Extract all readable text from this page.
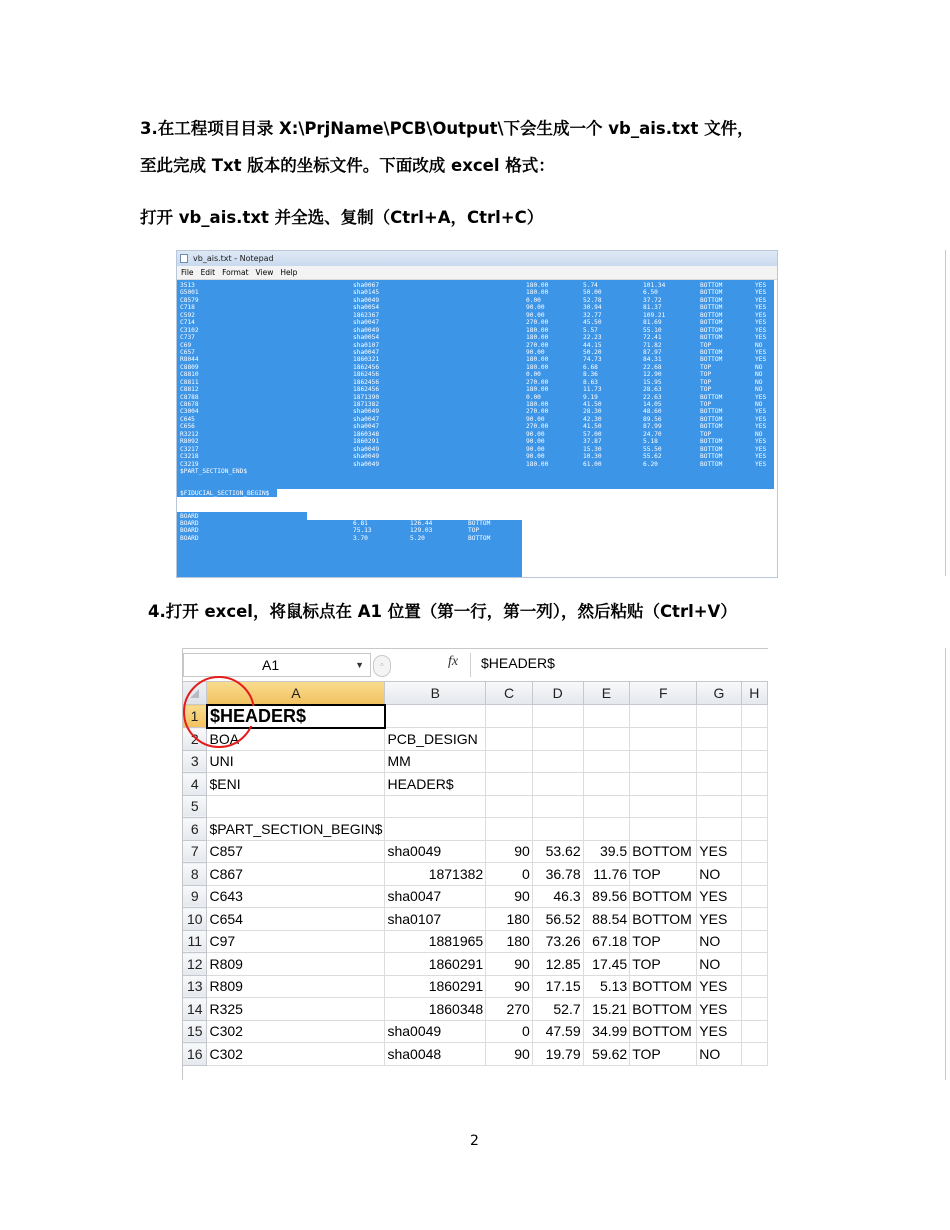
3.在工程项目目录 X:\PrjName\PCB\Output\下会生成一个 vb_ais.txt 文件，
至此完成 Txt 版本的坐标文件。下面改成 excel 格式：
打开 vb_ais.txt 并全选、复制（Ctrl+A，Ctrl+C）
vb_ais.txt - Notepad
File Edit Format View Help
3513	sha0067	180.00	5.74	101.34	BOTTOM	YES
G5001	sha0145	180.00	50.00	6.50	BOTTOM	YES
C8579	sha0049	0.00	52.78	37.72	BOTTOM	YES
C718	sha0054	90.00	30.94	81.37	BOTTOM	YES
C592	1862367	90.00	32.77	109.21	BOTTOM	YES
C714	sha0047	270.00	45.50	81.69	BOTTOM	YES
C3102	sha0049	180.00	5.57	55.10	BOTTOM	YES
C737	sha0054	180.00	22.23	72.41	BOTTOM	YES
C69	sha0107	270.00	44.15	71.82	TOP	NO
C657	sha0047	90.00	50.20	87.97	BOTTOM	YES
R8044	1860321	180.00	74.73	84.31	BOTTOM	YES
C8809	1862456	180.00	6.68	22.68	TOP	NO
C8810	1862456	0.00	8.36	12.90	TOP	NO
C8811	1862456	270.00	8.63	15.95	TOP	NO
C8812	1862456	180.00	11.73	28.63	TOP	NO
C8788	1871390	0.00	9.19	22.63	BOTTOM	YES
C8678	1871382	180.00	41.50	14.05	TOP	NO
C3004	sha0049	270.00	28.30	48.60	BOTTOM	YES
C645	sha0047	90.00	42.30	89.56	BOTTOM	YES
C656	sha0047	270.00	41.50	87.99	BOTTOM	YES
R3212	1860348	90.00	57.00	24.70	TOP	NO
R8092	1860291	90.00	37.87	5.18	BOTTOM	YES
C3217	sha0049	90.00	15.30	55.50	BOTTOM	YES
C3218	sha0049	90.00	10.30	55.62	BOTTOM	YES
C3219	sha0049	180.00	61.00	6.20	BOTTOM	YES
$PART_SECTION_END$
$FIDUCIAL_SECTION_BEGIN$
BOARD	11.30	108.48	TOP
BOARD	75.00	5.00	BOTTOM
BOARD	75.00	5.00	TOP
BOARD	6.81	126.44	BOTTOM
BOARD	75.13	129.03	TOP
BOARD	3.70	5.20	BOTTOM
4.打开 excel，将鼠标点在 A1 位置（第一行，第一列），然后粘贴（Ctrl+V）
A1	▼	◦	fx $HEADER$
	A	B	C	D	E	F	G	H
1	$HEADER$							
2	BOA	PCB_DESIGN						
3	UNI	MM						
4	$ENI	HEADER$						
5								
6	$PART_SECTION_BEGIN$							
7	C857	sha0049	90	53.62	39.5	BOTTOM	YES	
8	C867	1871382	0	36.78	11.76	TOP	NO	
9	C643	sha0047	90	46.3	89.56	BOTTOM	YES	
10	C654	sha0107	180	56.52	88.54	BOTTOM	YES	
11	C97	1881965	180	73.26	67.18	TOP	NO	
12	R809	1860291	90	12.85	17.45	TOP	NO	
13	R809	1860291	90	17.15	5.13	BOTTOM	YES	
14	R325	1860348	270	52.7	15.21	BOTTOM	YES	
15	C302	sha0049	0	47.59	34.99	BOTTOM	YES	
16	C302	sha0048	90	19.79	59.62	TOP	NO	
2
